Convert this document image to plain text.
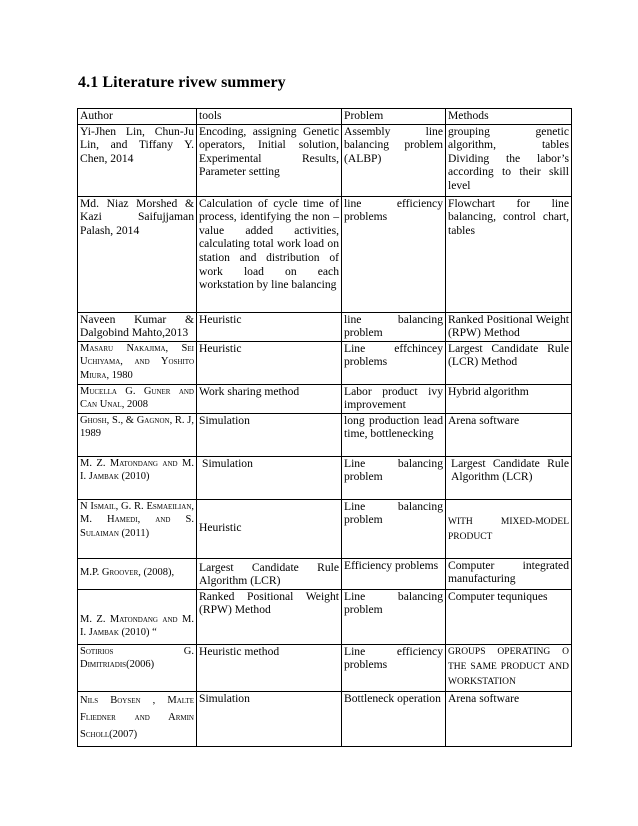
4.1 Literature rivew summery
Author	tools	Problem	Methods
Yi-Jhen Lin, Chun-Ju Lin, and Tiffany Y. Chen, 2014	Encoding, assigning Genetic operators, Initial solution, Experimental Results, Parameter setting	Assembly line balancing problem (ALBP)	grouping genetic algorithm, tables Dividing the labor’s according to their skill level
Md. Niaz Morshed & Kazi Saifujjaman Palash, 2014	Calculation of cycle time of process, identifying the non –value added activities, calculating total work load on station and distribution of work load on each workstation by line balancing	line efficiency problems	Flowchart for line balancing, control chart, tables
Naveen Kumar & Dalgobind Mahto,2013	Heuristic	line balancing problem	Ranked Positional Weight (RPW) Method
Masaru Nakajima, Sei Uchiyama, and Yoshito Miura, 1980	Heuristic	Line effchincey problems	Largest Candidate Rule (LCR) Method
Mucella G. Guner and Can Unal, 2008	Work sharing method	Labor product ivy improvement	Hybrid algorithm
Ghosh, S., & Gagnon, R. J, 1989	Simulation	long production lead time, bottlenecking	Arena software
M. Z. Matondang and M. I. Jambak (2010)	Simulation	Line balancing problem	Largest Candidate Rule Algorithm (LCR)
N Ismail, G. R. Esmaeilian, M. Hamedi, and S. Sulaiman (2011)	Heuristic	Line balancing problem	WITH MIXED-MODEL PRODUCT
M.P. Groover, (2008),	Largest Candidate Rule Algorithm (LCR)	Efficiency problems	Computer integrated manufacturing
M. Z. Matondang and M. I. Jambak (2010) “	Ranked Positional Weight (RPW) Method	Line balancing problem	Computer tequniques
Sotirios G. Dimitriadis(2006)	Heuristic method	Line efficiency problems	GROUPS OPERATING O THE SAME PRODUCT AND WORKSTATION
Nils Boysen , Malte Fliedner and Armin Scholl(2007)	Simulation	Bottleneck operation	Arena software
